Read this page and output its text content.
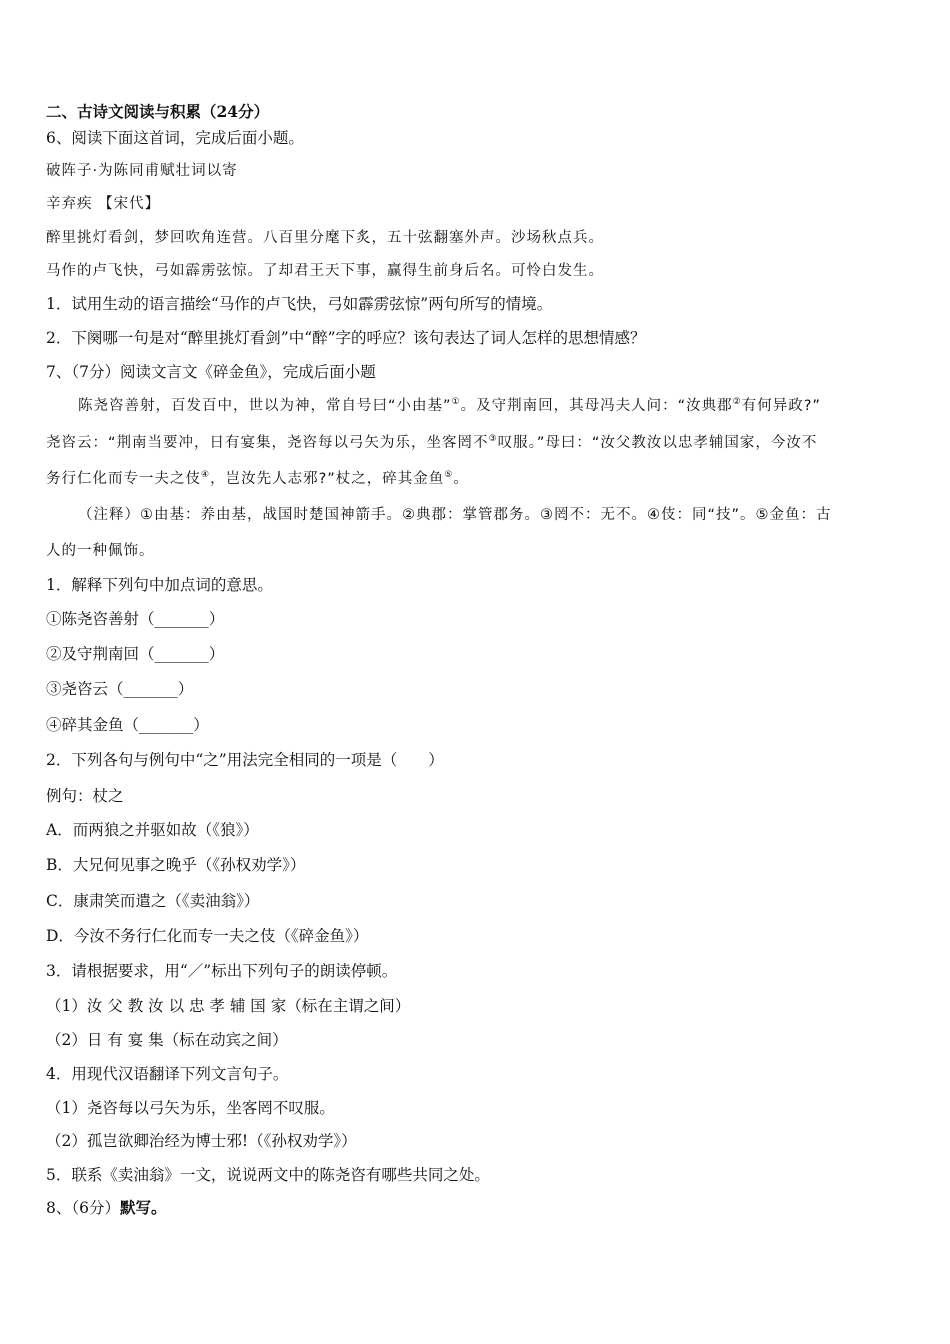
二、古诗文阅读与积累（24分）
6、阅读下面这首词，完成后面小题。
破阵子·为陈同甫赋壮词以寄
辛弃疾 【宋代】
醉里挑灯看剑，梦回吹角连营。八百里分麾下炙，五十弦翻塞外声。沙场秋点兵。
马作的卢飞快，弓如霹雳弦惊。了却君王天下事，赢得生前身后名。可怜白发生。
1．试用生动的语言描绘“马作的卢飞快，弓如霹雳弦惊”两句所写的情境。
2．下阕哪一句是对“醉里挑灯看剑”中“醉”字的呼应？该句表达了词人怎样的思想情感？
7、（7分）阅读文言文《碎金鱼》，完成后面小题
陈尧咨善射，百发百中，世以为神，常自号曰“小由基”①。及守荆南回，其母冯夫人问：“汝典郡②有何异政?”
尧咨云：“荆南当要冲，日有宴集，尧咨每以弓矢为乐，坐客罔不③叹服。”母曰：“汝父教汝以忠孝辅国家，今汝不
务行仁化而专一夫之伎④，岂汝先人志邪?”杖之，碎其金鱼⑤。
（注释）①由基：养由基，战国时楚国神箭手。②典郡：掌管郡务。③罔不：无不。④伎：同“技”。⑤金鱼：古
人的一种佩饰。
1．解释下列句中加点词的意思。
①陈尧咨善射（_______）
②及守荆南回（_______）
③尧咨云（_______）
④碎其金鱼（_______）
2．下列各句与例句中“之”用法完全相同的一项是（　　）
例句：杖之
A．而两狼之并驱如故（《狼》）
B．大兄何见事之晚乎（《孙权劝学》）
C．康肃笑而遣之（《卖油翁》）
D．今汝不务行仁化而专一夫之伎（《碎金鱼》）
3．请根据要求，用“／”标出下列句子的朗读停顿。
（1）汝 父 教 汝 以 忠 孝 辅 国 家（标在主谓之间）
（2）日 有 宴 集（标在动宾之间）
4．用现代汉语翻译下列文言句子。
（1）尧咨每以弓矢为乐，坐客罔不叹服。
（2）孤岂欲卿治经为博士邪!（《孙权劝学》）
5．联系《卖油翁》一文，说说两文中的陈尧咨有哪些共同之处。
8、（6分）默写。
